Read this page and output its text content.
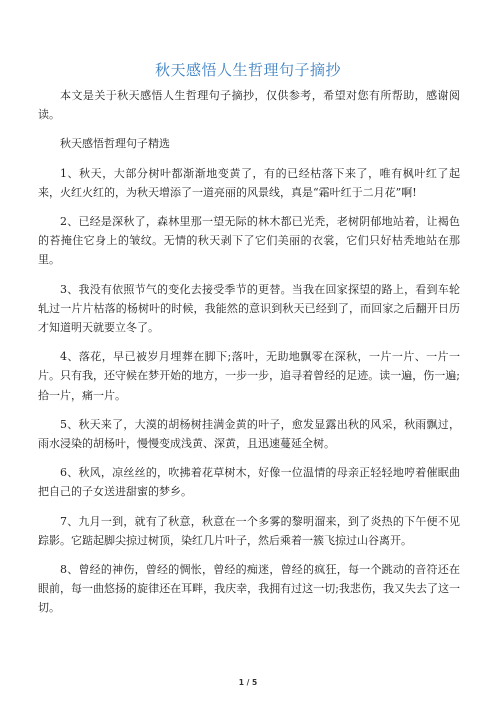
秋天感悟人生哲理句子摘抄

本文是关于秋天感悟人生哲理句子摘抄，仅供参考，希望对您有所帮助，感谢阅读。

秋天感悟哲理句子精选

1、秋天，大部分树叶都渐渐地变黄了，有的已经枯落下来了，唯有枫叶红了起来，火红火红的，为秋天增添了一道亮丽的风景线，真是“霜叶红于二月花”啊!

2、已经是深秋了，森林里那一望无际的林木都已光秃，老树阴郁地站着，让褐色的苔掩住它身上的皱纹。无情的秋天剥下了它们美丽的衣裳，它们只好枯秃地站在那里。

3、我没有依照节气的变化去接受季节的更替。当我在回家探望的路上，看到车轮轧过一片片枯落的杨树叶的时候，我能然的意识到秋天已经到了，而回家之后翻开日历才知道明天就要立冬了。

4、落花，早已被岁月埋葬在脚下;落叶，无助地飘零在深秋，一片一片、一片一片。只有我，还守候在梦开始的地方，一步一步，追寻着曾经的足迹。读一遍，伤一遍;拾一片，痛一片。

5、秋天来了，大漠的胡杨树挂满金黄的叶子，愈发显露出秋的风采，秋雨飘过，雨水浸染的胡杨叶，慢慢变成浅黄、深黄，且迅速蔓延全树。

6、秋风，凉丝丝的，吹拂着花草树木，好像一位温情的母亲正轻轻地哼着催眠曲把自己的子女送进甜蜜的梦乡。

7、九月一到，就有了秋意，秋意在一个多雾的黎明溜来，到了炎热的下午便不见踪影。它踮起脚尖掠过树顶，染红几片叶子，然后乘着一簇飞掠过山谷离开。

8、曾经的神伤，曾经的惆怅，曾经的痴迷，曾经的疯狂，每一个跳动的音符还在眼前，每一曲悠扬的旋律还在耳畔，我庆幸，我拥有过这一切;我悲伤，我又失去了这一切。

1 / 5
